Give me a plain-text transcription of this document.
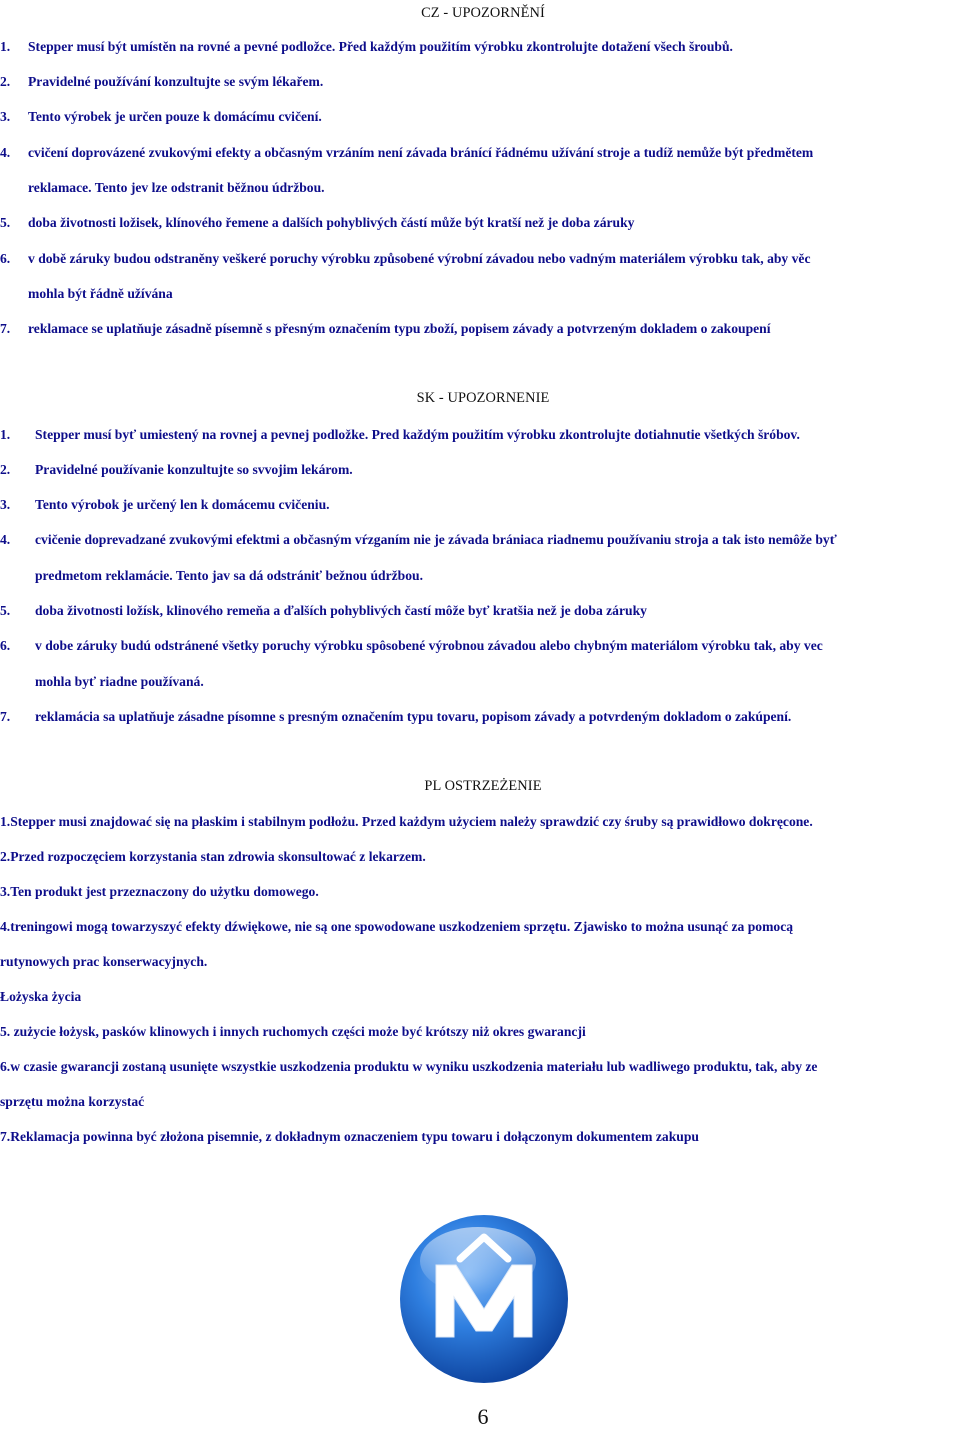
CZ - UPOZORNĚNÍ
1. Stepper musí být umístěn na rovné a pevné podložce. Před každým použitím výrobku zkontrolujte dotažení všech šroubů.
2. Pravidelné používání konzultujte se svým lékařem.
3. Tento výrobek je určen pouze k domácímu cvičení.
4. cvičení doprovázené zvukovými efekty a občasným vrzáním není závada bránící řádnému užívání stroje a tudíž nemůže být předmětem
reklamace. Tento jev lze odstranit běžnou údržbou.
5. doba životnosti ložisek, klínového řemene a dalších pohyblivých částí může být kratší než je doba záruky
6. v době záruky budou odstraněny veškeré poruchy výrobku způsobené výrobní závadou nebo vadným materiálem výrobku tak, aby věc
mohla být řádně užívána
7. reklamace se uplatňuje zásadně písemně s přesným označením typu zboží, popisem závady a potvrzeným dokladem o zakoupení
SK - UPOZORNENIE
1. Stepper musí byť umiestený na rovnej a pevnej podložke. Pred každým použitím výrobku zkontrolujte dotiahnutie všetkých šróbov.
2. Pravidelné používanie konzultujte so svvojim lekárom.
3. Tento výrobok je určený len k domácemu cvičeniu.
4. cvičenie doprevadzané zvukovými efektmi a občasným vŕzganím nie je závada brániaca riadnemu používaniu stroja a tak isto nemôže byť
predmetom reklamácie. Tento jav sa dá odstrániť bežnou údržbou.
5. doba životnosti ložísk, klinového remeňa a ďalších pohyblivých častí môže byť kratšia než je doba záruky
6. v dobe záruky budú odstránené všetky poruchy výrobku spôsobené výrobnou závadou alebo chybným materiálom výrobku tak, aby vec
mohla byť riadne používaná.
7. reklamácia sa uplatňuje zásadne písomne s presným označením typu tovaru, popisom závady a potvrdeným dokladom o zakúpení.
PL OSTRZEŻENIE
1.Stepper musi znajdować się na płaskim i stabilnym podłożu. Przed każdym użyciem należy sprawdzić czy śruby są prawidłowo dokręcone.
2.Przed rozpoczęciem korzystania stan zdrowia skonsultować z lekarzem.
3.Ten produkt jest przeznaczony do użytku domowego.
4.treningowi mogą towarzyszyć efekty dźwiękowe, nie są one spowodowane uszkodzeniem sprzętu. Zjawisko to można usunąć za pomocą
rutynowych prac konserwacyjnych.
Łożyska życia
5. zużycie łożysk, pasków klinowych i innych ruchomych części może być krótszy niż okres gwarancji
6.w czasie gwarancji zostaną usunięte wszystkie uszkodzenia produktu w wyniku uszkodzenia materiału lub wadliwego produktu, tak, aby ze
sprzętu można korzystać
7.Reklamacja powinna być złożona pisemnie, z dokładnym oznaczeniem typu towaru i dołączonym dokumentem zakupu
6
